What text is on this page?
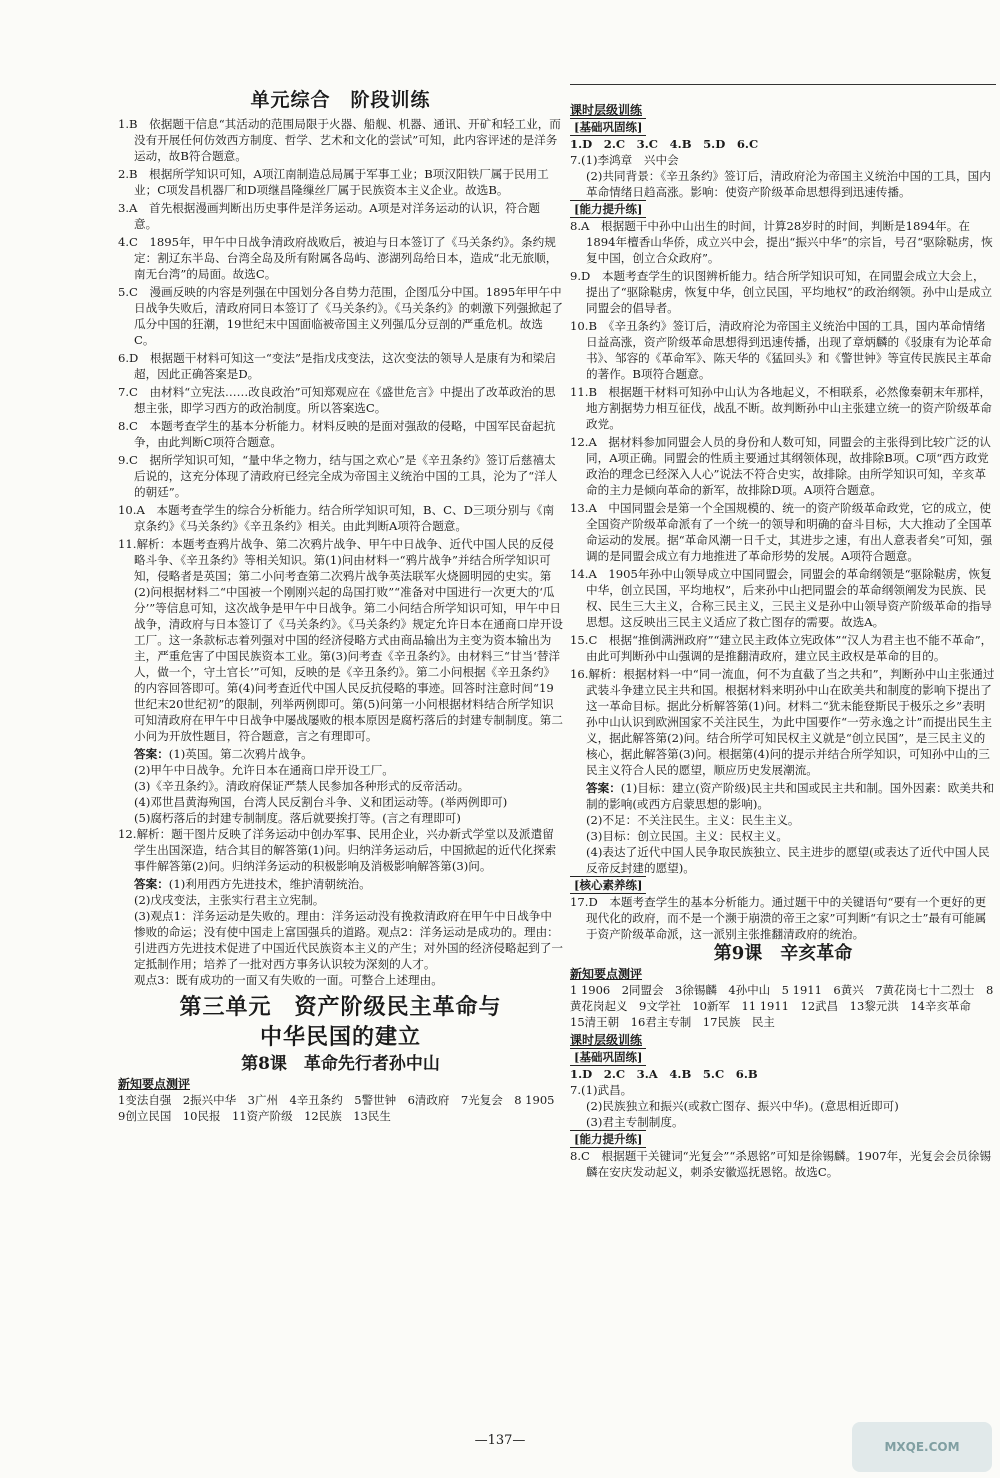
单元综合　阶段训练

1.B　依据题干信息“其活动的范围局限于火器、船舰、机器、通讯、开矿和轻工业，而没有开展任何仿效西方制度、哲学、艺术和文化的尝试”可知，此内容评述的是洋务运动，故B符合题意。

2.B　根据所学知识可知，A项江南制造总局属于军事工业；B项汉阳铁厂属于民用工业；C项发昌机器厂和D项继昌隆缫丝厂属于民族资本主义企业。故选B。

3.A　首先根据漫画判断出历史事件是洋务运动。A项是对洋务运动的认识，符合题意。

4.C　1895年，甲午中日战争清政府战败后，被迫与日本签订了《马关条约》。条约规定：割辽东半岛、台湾全岛及所有附属各岛屿、澎湖列岛给日本，造成“北无旅顺，南无台湾”的局面。故选C。

5.C　漫画反映的内容是列强在中国划分各自势力范围，企图瓜分中国。1895年甲午中日战争失败后，清政府同日本签订了《马关条约》。《马关条约》的刺激下列强掀起了瓜分中国的狂潮，19世纪末中国面临被帝国主义列强瓜分豆剖的严重危机。故选C。

6.D　根据题干材料可知这一“变法”是指戊戌变法，这次变法的领导人是康有为和梁启超，因此正确答案是D。

7.C　由材料“立宪法……改良政治”可知郑观应在《盛世危言》中提出了改革政治的思想主张，即学习西方的政治制度。所以答案选C。

8.C　本题考查学生的基本分析能力。材料反映的是面对强敌的侵略，中国军民奋起抗争，由此判断C项符合题意。

9.C　据所学知识可知，“量中华之物力，结与国之欢心”是《辛丑条约》签订后慈禧太后说的，这充分体现了清政府已经完全成为帝国主义统治中国的工具，沦为了“洋人的朝廷”。

10.A　本题考查学生的综合分析能力。结合所学知识可知，B、C、D三项分别与《南京条约》《马关条约》《辛丑条约》相关。由此判断A项符合题意。

11.解析：本题考查鸦片战争、第二次鸦片战争、甲午中日战争、近代中国人民的反侵略斗争、《辛丑条约》等相关知识。第(1)问由材料一“鸦片战争”并结合所学知识可知，侵略者是英国；第二小问考查第二次鸦片战争英法联军火烧圆明园的史实。第(2)问根据材料二“中国被一个刚刚兴起的岛国打败”“准备对中国进行一次更大的‘瓜分’”等信息可知，这次战争是甲午中日战争。第二小问结合所学知识可知，甲午中日战争，清政府与日本签订了《马关条约》。《马关条约》规定允许日本在通商口岸开设工厂。这一条款标志着列强对中国的经济侵略方式由商品输出为主变为资本输出为主，严重危害了中国民族资本工业。第(3)问考查《辛丑条约》。由材料三“甘当‘替洋人，做一个，守土官长’”可知，反映的是《辛丑条约》。第二小问根据《辛丑条约》的内容回答即可。第(4)问考查近代中国人民反抗侵略的事迹。回答时注意时间“19世纪末20世纪初”的限制，列举两例即可。第(5)问第一小问根据材料结合所学知识可知清政府在甲午中日战争中屡战屡败的根本原因是腐朽落后的封建专制制度。第二小问为开放性题目，符合题意，言之有理即可。

答案：(1)英国。第二次鸦片战争。

(2)甲午中日战争。允许日本在通商口岸开设工厂。

(3)《辛丑条约》。清政府保证严禁人民参加各种形式的反帝活动。

(4)邓世昌黄海殉国，台湾人民反割台斗争、义和团运动等。(举两例即可)

(5)腐朽落后的封建专制制度。落后就要挨打等。(言之有理即可)

12.解析：题干图片反映了洋务运动中创办军事、民用企业，兴办新式学堂以及派遣留学生出国深造，结合其目的解答第(1)问。归纳洋务运动后，中国掀起的近代化探索事件解答第(2)问。归纳洋务运动的积极影响及消极影响解答第(3)问。

答案：(1)利用西方先进技术，维护清朝统治。

(2)戊戌变法，主张实行君主立宪制。

(3)观点1：洋务运动是失败的。理由：洋务运动没有挽救清政府在甲午中日战争中惨败的命运；没有使中国走上富国强兵的道路。观点2：洋务运动是成功的。理由：引进西方先进技术促进了中国近代民族资本主义的产生；对外国的经济侵略起到了一定抵制作用；培养了一批对西方事务认识较为深刻的人才。

观点3：既有成功的一面又有失败的一面。可整合上述理由。

第三单元　资产阶级民主革命与
中华民国的建立
第8课　革命先行者孙中山
新知要点测评

1变法自强　2振兴中华　3广州　4辛丑条约　5警世钟　6清政府　7光复会　8 1905　9创立民国　10民报　11资产阶级　12民族　13民生

课时层级训练
[基础巩固练]

1.D　2.C　3.C　4.B　5.D　6.C

7.(1)李鸿章　兴中会

(2)共同背景：《辛丑条约》签订后，清政府沦为帝国主义统治中国的工具，国内革命情绪日趋高涨。影响：使资产阶级革命思想得到迅速传播。

[能力提升练]

8.A　根据题干中孙中山出生的时间，计算28岁时的时间，判断是1894年。在1894年檀香山华侨，成立兴中会，提出“振兴中华”的宗旨，号召“驱除鞑虏，恢复中国，创立合众政府”。

9.D　本题考查学生的识图辨析能力。结合所学知识可知，在同盟会成立大会上，提出了“驱除鞑虏，恢复中华，创立民国，平均地权”的政治纲领。孙中山是成立同盟会的倡导者。

10.B　《辛丑条约》签订后，清政府沦为帝国主义统治中国的工具，国内革命情绪日益高涨，资产阶级革命思想得到迅速传播，出现了章炳麟的《驳康有为论革命书》、邹容的《革命军》、陈天华的《猛回头》和《警世钟》等宣传民族民主革命的著作。B项符合题意。

11.B　根据题干材料可知孙中山认为各地起义，不相联系，必然像秦朝末年那样，地方割据势力相互征伐，战乱不断。故判断孙中山主张建立统一的资产阶级革命政党。

12.A　据材料参加同盟会人员的身份和人数可知，同盟会的主张得到比较广泛的认同，A项正确。同盟会的性质主要通过其纲领体现，故排除B项。C项“西方政党政治的理念已经深入人心”说法不符合史实，故排除。由所学知识可知，辛亥革命的主力是倾向革命的新军，故排除D项。A项符合题意。

13.A　中国同盟会是第一个全国规模的、统一的资产阶级革命政党，它的成立，使全国资产阶级革命派有了一个统一的领导和明确的奋斗目标，大大推动了全国革命运动的发展。据“革命风潮一日千丈，其进步之速，有出人意表者矣”可知，强调的是同盟会成立有力地推进了革命形势的发展。A项符合题意。

14.A　1905年孙中山领导成立中国同盟会，同盟会的革命纲领是“驱除鞑虏，恢复中华，创立民国，平均地权”，后来孙中山把同盟会的革命纲领阐发为民族、民权、民生三大主义，合称三民主义，三民主义是孙中山领导资产阶级革命的指导思想。这反映出三民主义适应了救亡图存的需要。故选A。

15.C　根据“推倒满洲政府”“建立民主政体立宪政体”“汉人为君主也不能不革命”，由此可判断孙中山强调的是推翻清政府，建立民主政权是革命的目的。

16.解析：根据材料一中“同一流血，何不为直截了当之共和”，判断孙中山主张通过武装斗争建立民主共和国。根据材料来明孙中山在欧美共和制度的影响下提出了这一革命目标。据此分析解答第(1)问。材料二“犹未能登斯民于极乐之乡”表明孙中山认识到欧洲国家不关注民生，为此中国要作“一劳永逸之计”而提出民生主义，据此解答第(2)问。结合所学可知民权主义就是“创立民国”，是三民主义的核心，据此解答第(3)问。根据第(4)问的提示并结合所学知识，可知孙中山的三民主义符合人民的愿望，顺应历史发展潮流。

答案：(1)目标：建立(资产阶级)民主共和国或民主共和制。国外因素：欧美共和制的影响(或西方启蒙思想的影响)。

(2)不足：不关注民生。主义：民生主义。

(3)目标：创立民国。主义：民权主义。

(4)表达了近代中国人民争取民族独立、民主进步的愿望(或表达了近代中国人民反帝反封建的愿望)。

[核心素养练]

17.D　本题考查学生的基本分析能力。通过题干中的关键语句“要有一个更好的更现代化的政府，而不是一个濒于崩溃的帝王之家”可判断“有识之士”最有可能属于资产阶级革命派，这一派别主张推翻清政府的统治。

第9课　辛亥革命
新知要点测评

1 1906　2同盟会　3徐锡麟　4孙中山　5 1911　6黄兴　7黄花岗七十二烈士　8黄花岗起义　9文学社　10新军　11 1911　12武昌　13黎元洪　14辛亥革命　15清王朝　16君主专制　17民族　民主

课时层级训练
[基础巩固练]

1.D　2.C　3.A　4.B　5.C　6.B

7.(1)武昌。

(2)民族独立和振兴(或救亡图存、振兴中华)。(意思相近即可)

(3)君主专制制度。

[能力提升练]

8.C　根据题干关键词“光复会”“杀恩铭”可知是徐锡麟。1907年，光复会会员徐锡麟在安庆发动起义，刺杀安徽巡抚恩铭。故选C。

—137—	MXQE.COM
